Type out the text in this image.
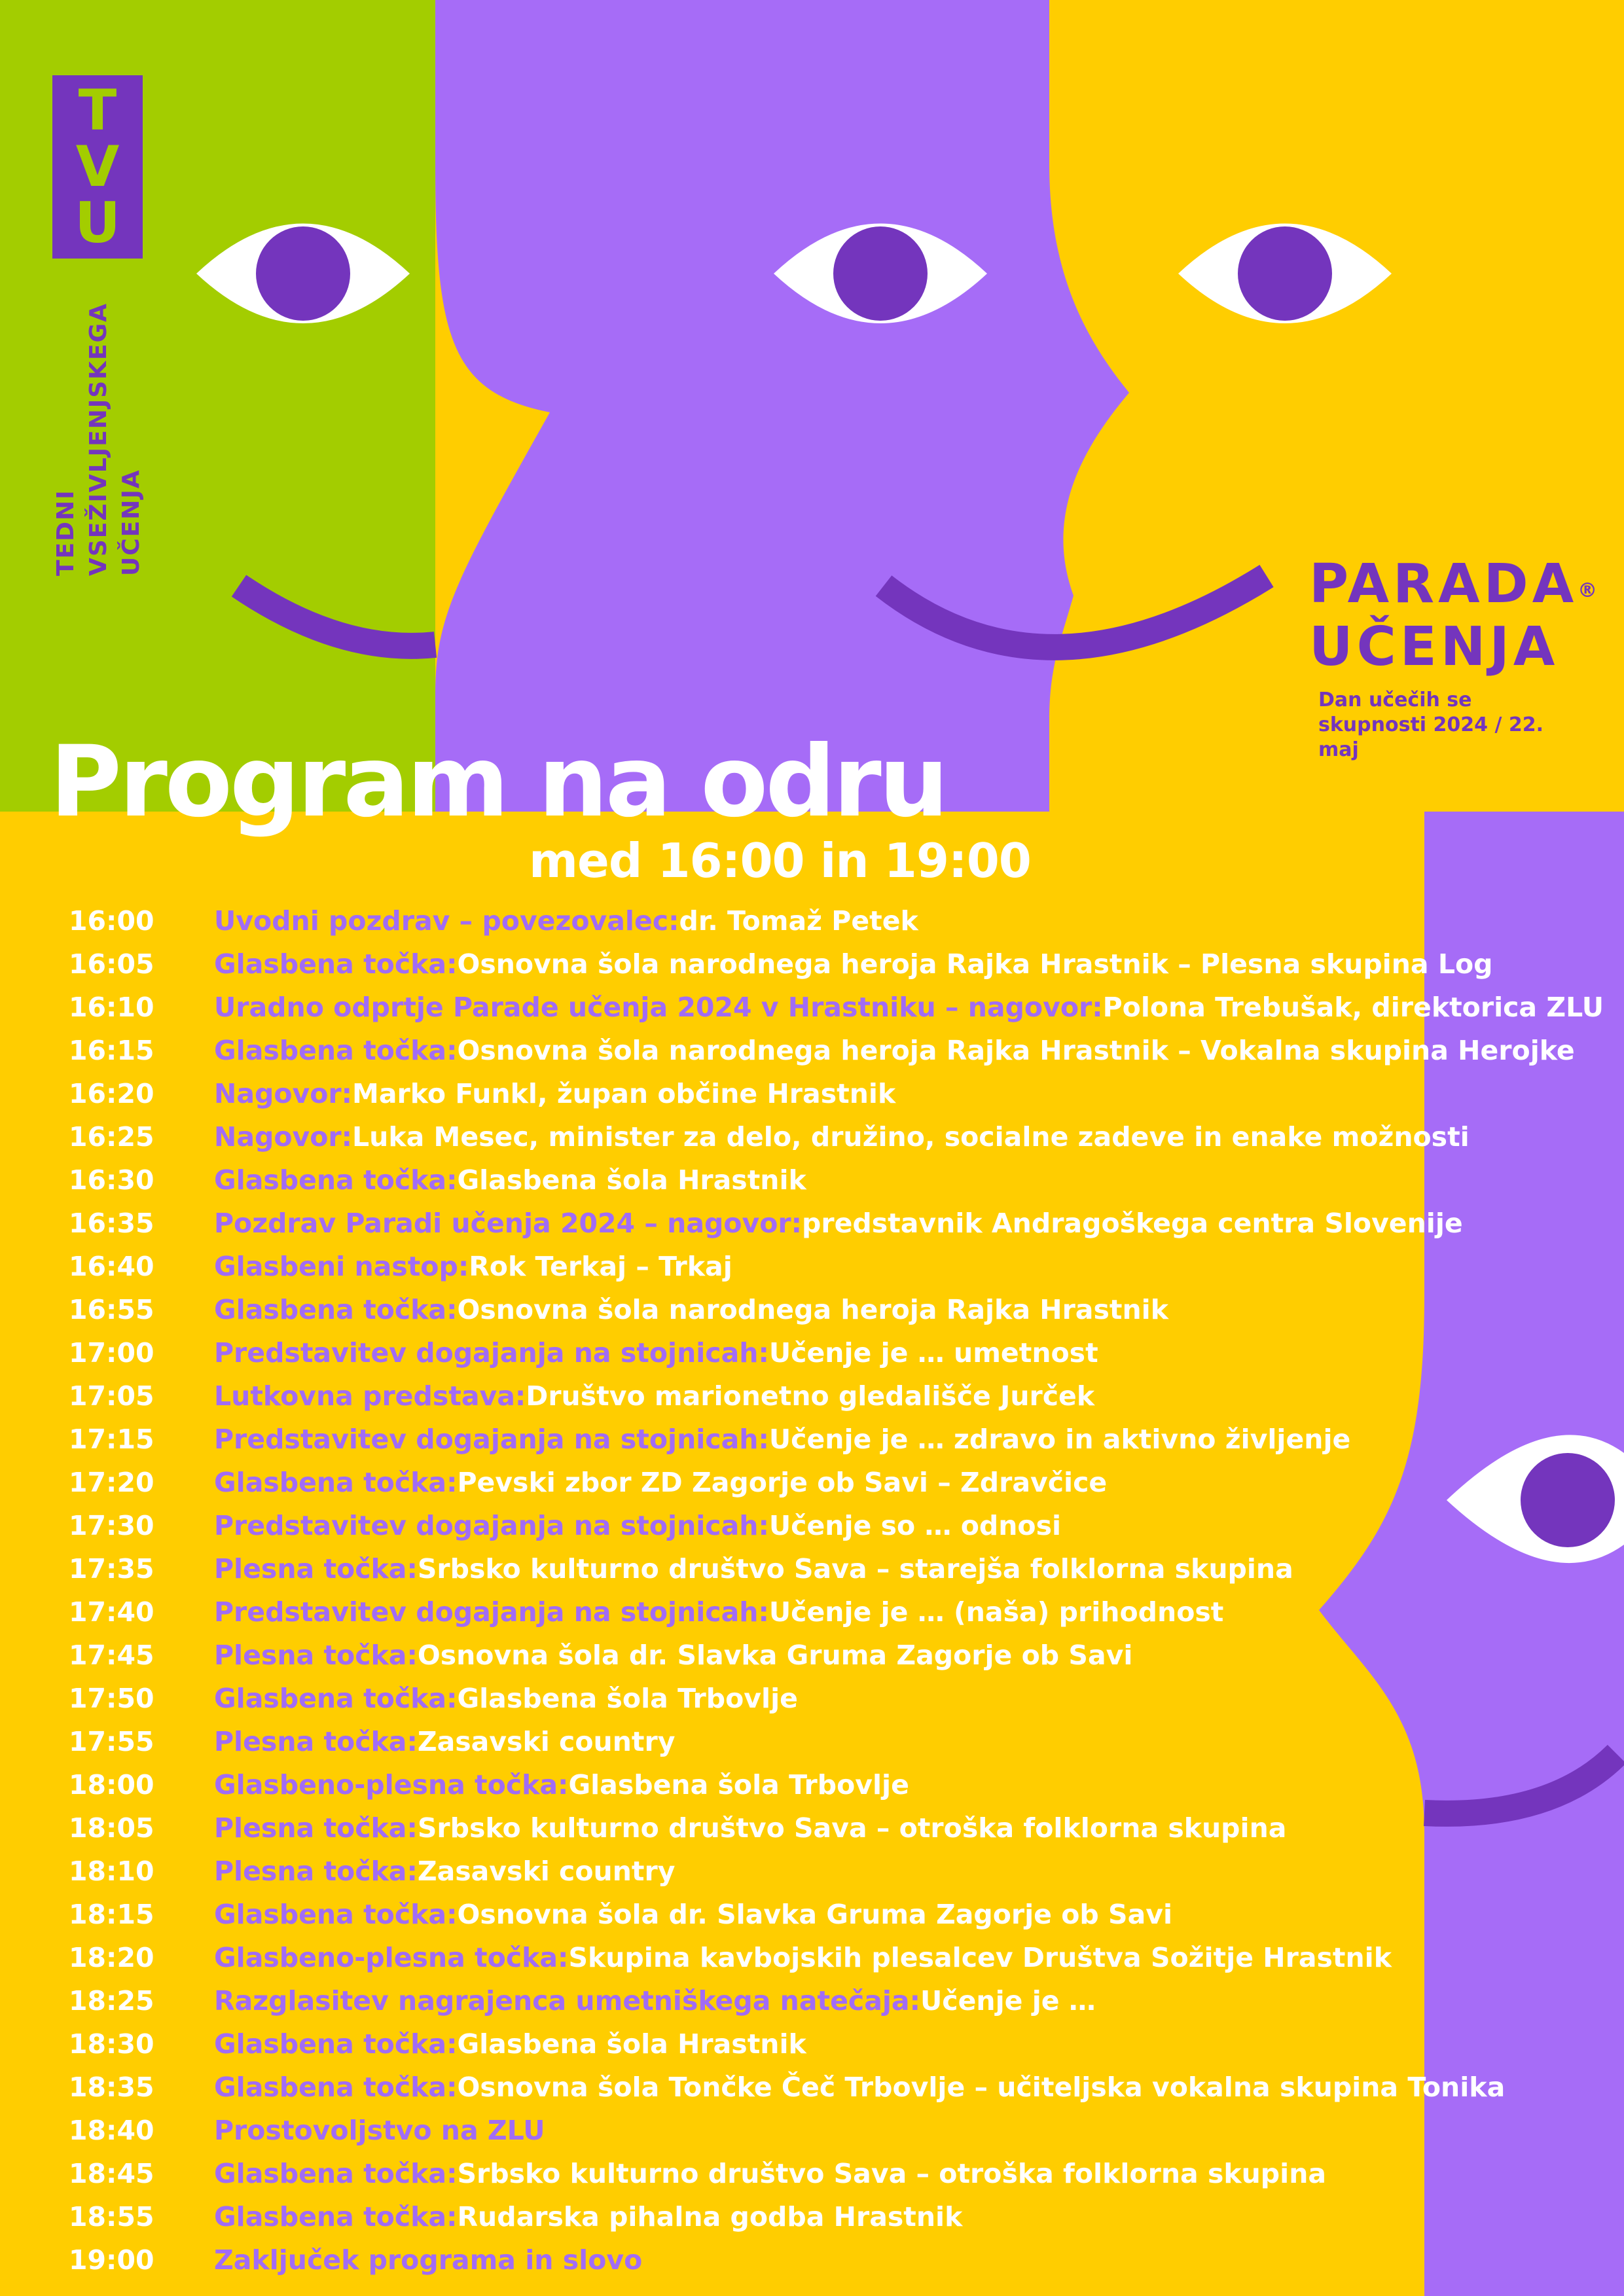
T
V
U
TEDNI VSEŽIVLJENJSKEGA UČENJA
PARADA®
UČENJA
Dan učečih se
skupnosti 2024 / 22. maj
Program na odru
med 16:00 in 19:00
16:00	Uvodni pozdrav – povezovalec: dr. Tomaž Petek
16:05	Glasbena točka: Osnovna šola narodnega heroja Rajka Hrastnik – Plesna skupina Log
16:10	Uradno odprtje Parade učenja 2024 v Hrastniku – nagovor: Polona Trebušak, direktorica ZLU
16:15	Glasbena točka: Osnovna šola narodnega heroja Rajka Hrastnik – Vokalna skupina Herojke
16:20	Nagovor: Marko Funkl, župan občine Hrastnik
16:25	Nagovor: Luka Mesec, minister za delo, družino, socialne zadeve in enake možnosti
16:30	Glasbena točka: Glasbena šola Hrastnik
16:35	Pozdrav Paradi učenja 2024 – nagovor: predstavnik Andragoškega centra Slovenije
16:40	Glasbeni nastop: Rok Terkaj – Trkaj
16:55	Glasbena točka: Osnovna šola narodnega heroja Rajka Hrastnik
17:00	Predstavitev dogajanja na stojnicah: Učenje je … umetnost
17:05	Lutkovna predstava: Društvo marionetno gledališče Jurček
17:15	Predstavitev dogajanja na stojnicah: Učenje je … zdravo in aktivno življenje
17:20	Glasbena točka: Pevski zbor ZD Zagorje ob Savi – Zdravčice
17:30	Predstavitev dogajanja na stojnicah: Učenje so … odnosi
17:35	Plesna točka: Srbsko kulturno društvo Sava – starejša folklorna skupina
17:40	Predstavitev dogajanja na stojnicah: Učenje je … (naša) prihodnost
17:45	Plesna točka: Osnovna šola dr. Slavka Gruma Zagorje ob Savi
17:50	Glasbena točka: Glasbena šola Trbovlje
17:55	Plesna točka: Zasavski country
18:00	Glasbeno-plesna točka: Glasbena šola Trbovlje
18:05	Plesna točka: Srbsko kulturno društvo Sava – otroška folklorna skupina
18:10	Plesna točka: Zasavski country
18:15	Glasbena točka: Osnovna šola dr. Slavka Gruma Zagorje ob Savi
18:20	Glasbeno-plesna točka: Skupina kavbojskih plesalcev Društva Sožitje Hrastnik
18:25	Razglasitev nagrajenca umetniškega natečaja: Učenje je …
18:30	Glasbena točka: Glasbena šola Hrastnik
18:35	Glasbena točka: Osnovna šola Tončke Čeč Trbovlje – učiteljska vokalna skupina Tonika
18:40	Prostovoljstvo na ZLU
18:45	Glasbena točka: Srbsko kulturno društvo Sava – otroška folklorna skupina
18:55	Glasbena točka: Rudarska pihalna godba Hrastnik
19:00	Zaključek programa in slovo
